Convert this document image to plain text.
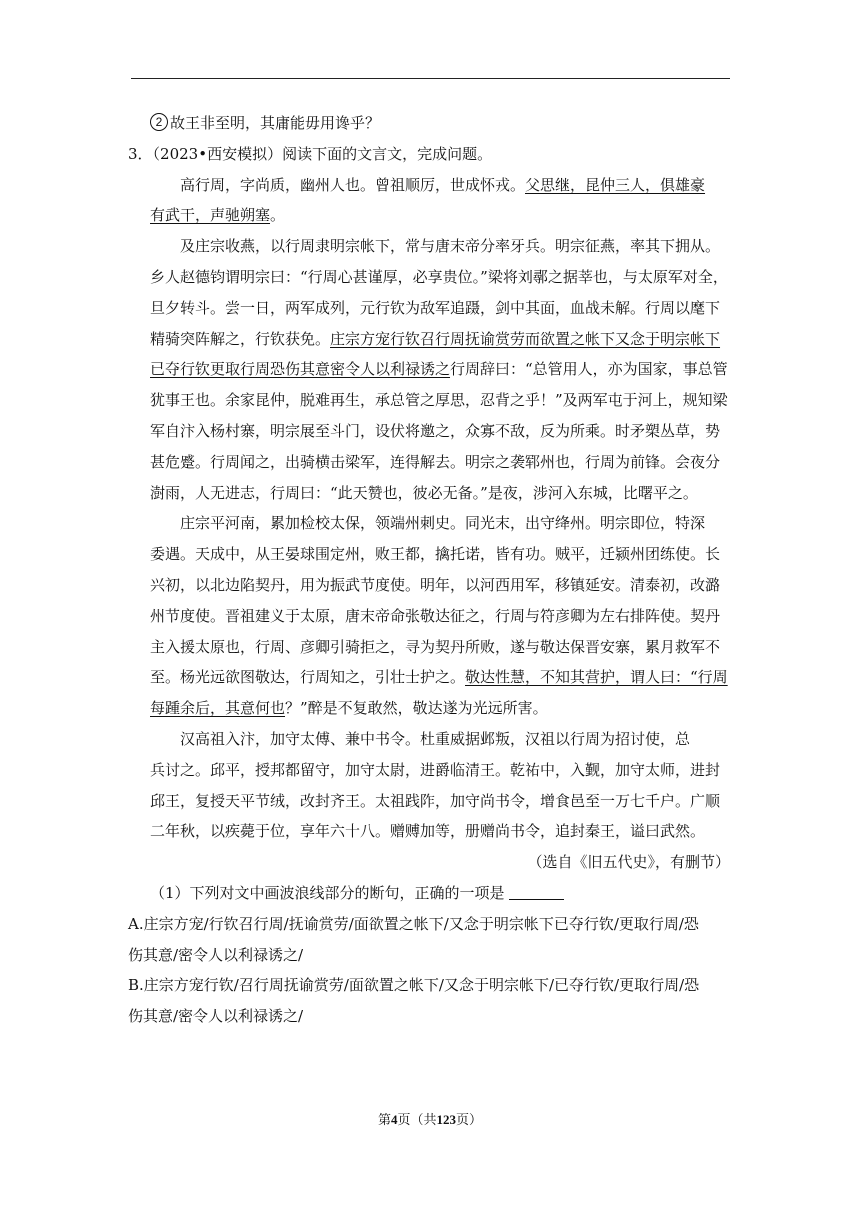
2 故王非至明，其庸能毋用谗乎？
3．（2023•西安模拟）阅读下面的文言文，完成问题。
高行周，字尚质，幽州人也。曾祖顺厉，世成怀戎。父思继，昆仲三人，俱雄豪
有武干，声驰朔塞。
及庄宗收燕，以行周隶明宗帐下，常与唐末帝分率牙兵。明宗征燕，率其下拥从。
乡人赵德钧谓明宗曰：“行周心甚谨厚，必享贵位。”梁将刘鄩之据莘也，与太原军对全，
旦夕转斗。尝一日，两军成列，元行钦为敌军追蹑，剑中其面，血战未解。行周以麾下
精骑突阵解之，行钦获免。庄宗方宠行钦召行周抚谕赏劳而欲置之帐下又念于明宗帐下
已夺行钦更取行周恐伤其意密令人以利禄诱之行周辞曰：“总管用人，亦为国家，事总管
犹事王也。余家昆仲，脱难再生，承总管之厚思，忍背之乎！”及两军屯于河上，规知梁
军自汴入杨村寨，明宗展至斗门，设伏将邀之，众寡不敌，反为所乘。时矛槊丛草，势
甚危蹙。行周闻之，出骑横击梁军，连得解去。明宗之袭郓州也，行周为前锋。会夜分
澍雨，人无进志，行周曰：“此天赞也，彼必无备。”是夜，涉河入东城，比曙平之。
庄宗平河南，累加检校太保，领端州刺史。同光末，出守绛州。明宗即位，特深
委遇。天成中，从王晏球围定州，败王都，擒托诺，皆有功。贼平，迁颍州团练使。长
兴初，以北边陷契丹，用为振武节度使。明年，以河西用军，移镇延安。清泰初，改潞
州节度使。晋祖建义于太原，唐末帝命张敬达征之，行周与符彦卿为左右排阵使。契丹
主入援太原也，行周、彦卿引骑拒之，寻为契丹所败，遂与敬达保晋安寨，累月救军不
至。杨光远欲图敬达，行周知之，引壮士护之。敬达性慧，不知其营护，谓人曰：“行周
每踵余后，其意何也？”醉是不复敢然，敬达遂为光远所害。
汉高祖入汴，加守太傅、兼中书令。杜重威据邺叛，汉祖以行周为招讨使，总
兵讨之。邱平，授邦都留守，加守太尉，进爵临清王。乾祐中，入觐，加守太师，进封
邱王，复授天平节绒，改封齐王。太祖践阼，加守尚书令，增食邑至一万七千户。广顺
二年秋，以疾薨于位，享年六十八。赠赙加等，册赠尚书令，追封秦王，谥曰武然。
（选自《旧五代史》，有删节）
（1）下列对文中画波浪线部分的断句，正确的一项是
A.庄宗方宠/行钦召行周/抚谕赏劳/面欲置之帐下/又念于明宗帐下已夺行钦/更取行周/恐
伤其意/密令人以利禄诱之/
B.庄宗方宠行钦/召行周抚谕赏劳/面欲置之帐下/又念于明宗帐下/已夺行钦/更取行周/恐
伤其意/密令人以利禄诱之/
第4页（共123页）
